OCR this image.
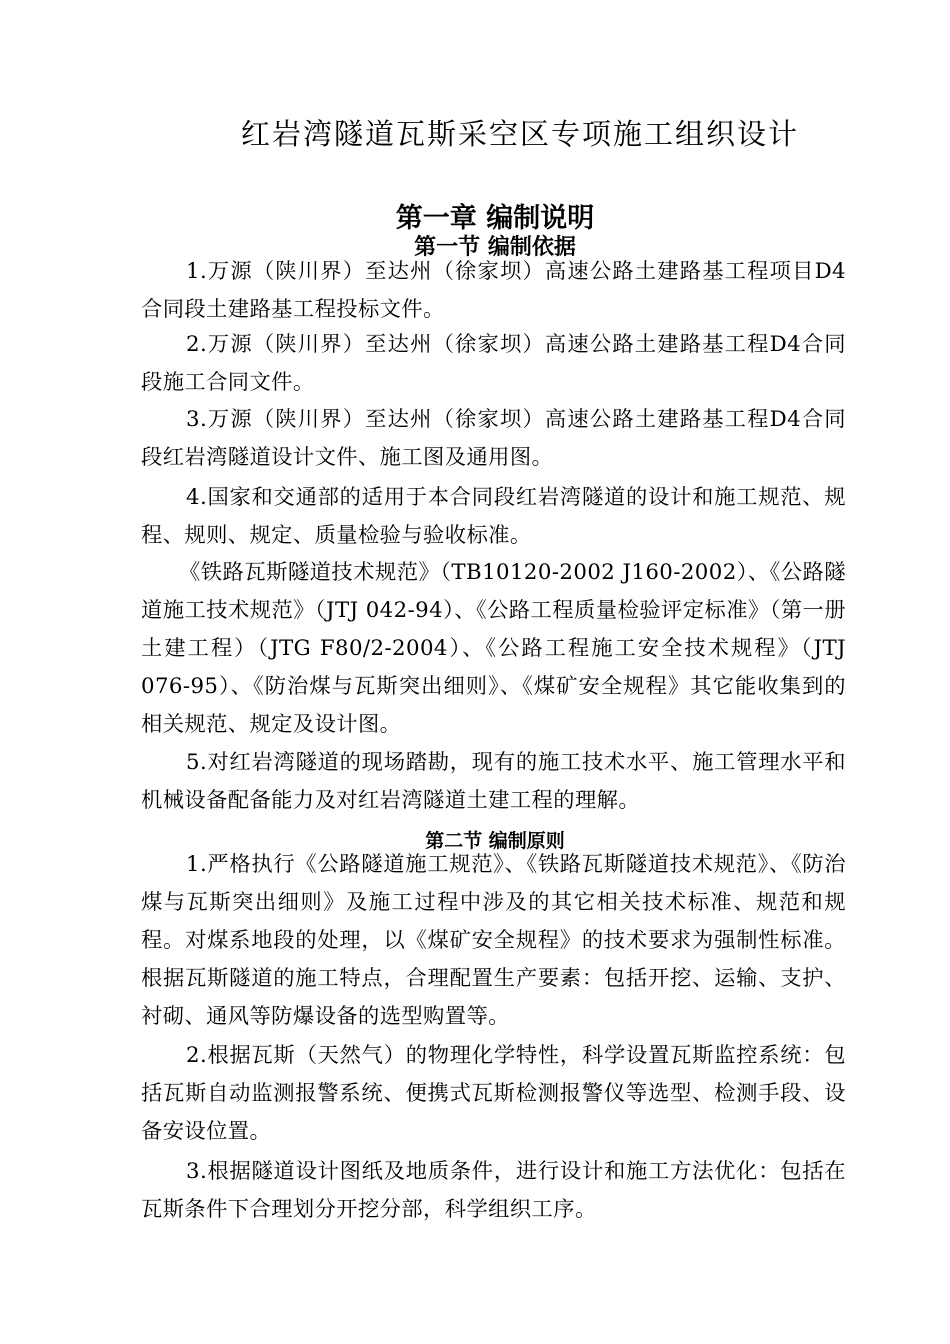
红岩湾隧道瓦斯采空区专项施工组织设计
第一章 编制说明
第一节 编制依据

1.万源（陕川界）至达州（徐家坝）高速公路土建路基工程项目D4合同段土建路基工程投标文件。

2.万源（陕川界）至达州（徐家坝）高速公路土建路基工程D4合同段施工合同文件。

3.万源（陕川界）至达州（徐家坝）高速公路土建路基工程D4合同段红岩湾隧道设计文件、施工图及通用图。

4.国家和交通部的适用于本合同段红岩湾隧道的设计和施工规范、规程、规则、规定、质量检验与验收标准。

《铁路瓦斯隧道技术规范》（TB10120-2002 J160-2002）、《公路隧道施工技术规范》（JTJ 042-94）、《公路工程质量检验评定标准》（第一册土建工程）（JTG F80/2-2004）、《公路工程施工安全技术规程》（JTJ 076-95）、《防治煤与瓦斯突出细则》、《煤矿安全规程》其它能收集到的相关规范、规定及设计图。

5.对红岩湾隧道的现场踏勘，现有的施工技术水平、施工管理水平和机械设备配备能力及对红岩湾隧道土建工程的理解。

第二节 编制原则

1.严格执行《公路隧道施工规范》、《铁路瓦斯隧道技术规范》、《防治煤与瓦斯突出细则》及施工过程中涉及的其它相关技术标准、规范和规程。对煤系地段的处理，以《煤矿安全规程》的技术要求为强制性标准。根据瓦斯隧道的施工特点，合理配置生产要素：包括开挖、运输、支护、衬砌、通风等防爆设备的选型购置等。

2.根据瓦斯（天然气）的物理化学特性，科学设置瓦斯监控系统：包括瓦斯自动监测报警系统、便携式瓦斯检测报警仪等选型、检测手段、设备安设位置。

3.根据隧道设计图纸及地质条件，进行设计和施工方法优化：包括在瓦斯条件下合理划分开挖分部，科学组织工序。
